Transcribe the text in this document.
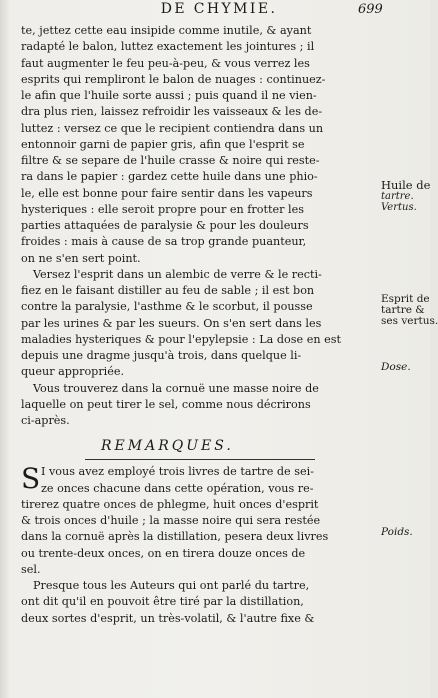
DE CHYMIE.	699
te, jettez cette eau insipide comme inutile, & ayant
radapté le balon, luttez exactement les jointures ; il
faut augmenter le feu peu-à-peu, & vous verrez les
esprits qui rempliront le balon de nuages : continuez-
le afin que l'huile sorte aussi ; puis quand il ne vien-
dra plus rien, laissez refroidir les vaisseaux & les de-
luttez : versez ce que le recipient contiendra dans un
entonnoir garni de papier gris, afin que l'esprit se
filtre & se separe de l'huile crasse & noire qui reste-
ra dans le papier : gardez cette huile dans une phio-
le, elle est bonne pour faire sentir dans les vapeurs
hysteriques : elle seroit propre pour en frotter les
parties attaquées de paralysie & pour les douleurs
froides : mais à cause de sa trop grande puanteur,
on ne s'en sert point.
Versez l'esprit dans un alembic de verre & le recti-
fiez en le faisant distiller au feu de sable ; il est bon
contre la paralysie, l'asthme & le scorbut, il pousse
par les urines & par les sueurs. On s'en sert dans les
maladies hysteriques & pour l'epylepsie : La dose en est
depuis une dragme jusqu'à trois, dans quelque li-
queur appropriée.
Vous trouverez dans la cornuë une masse noire de
laquelle on peut tirer le sel, comme nous décrirons
ci-après.
REMARQUES.
S I vous avez employé trois livres de tartre de sei-
ze onces chacune dans cette opération, vous re-
tirerez quatre onces de phlegme, huit onces d'esprit
& trois onces d'huile ; la masse noire qui sera restée
dans la cornuë après la distillation, pesera deux livres
ou trente-deux onces, on en tirera douze onces de
sel.
Presque tous les Auteurs qui ont parlé du tartre,
ont dit qu'il en pouvoit être tiré par la distillation,
deux sortes d'esprit, un très-volatil, & l'autre fixe &
Huile de
tartre.
Vertus.
Esprit de
tartre &
ses vertus.
Dose.
Poids.
